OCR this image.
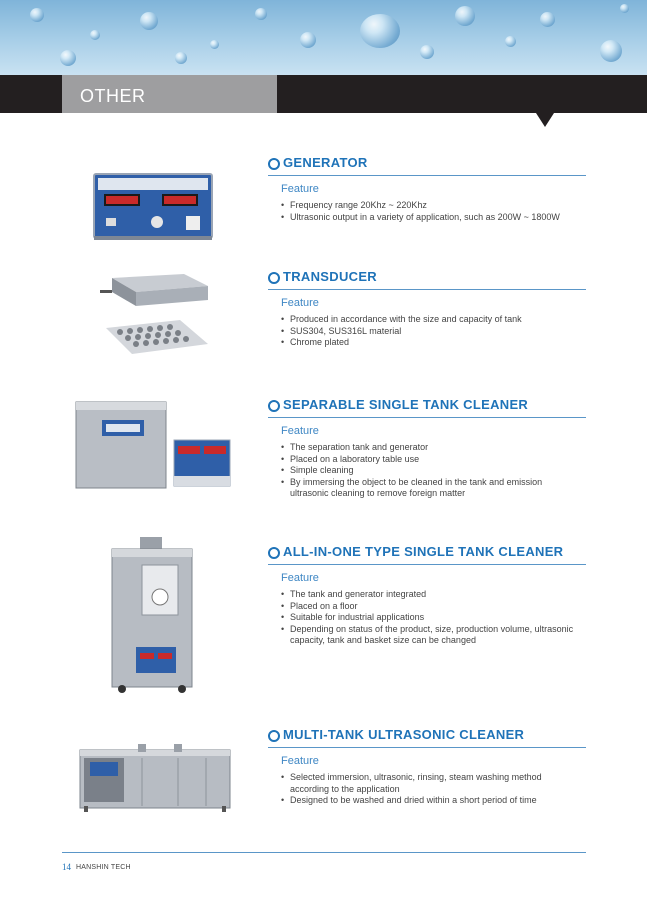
OTHER
GENERATOR
Feature
• Frequency range 20Khz ~ 220Khz
• Ultrasonic output in a variety of application, such as 200W ~ 1800W
TRANSDUCER
Feature
• Produced in accordance with the size and capacity of tank
• SUS304, SUS316L material
• Chrome plated
SEPARABLE SINGLE TANK CLEANER
Feature
• The separation tank and generator
• Placed on a laboratory table use
• Simple cleaning
• By immersing the object to be cleaned in the tank and emission ultrasonic cleaning to remove foreign matter
ALL-IN-ONE TYPE SINGLE TANK CLEANER
Feature
• The tank and generator integrated
• Placed on a floor
• Suitable for industrial applications
• Depending on status of the product, size, production volume, ultrasonic capacity, tank and basket size can be changed
MULTI-TANK ULTRASONIC CLEANER
Feature
• Selected immersion, ultrasonic, rinsing, steam washing method according to the application
• Designed to be washed and dried within a short period of time
14 HANSHIN TECH
